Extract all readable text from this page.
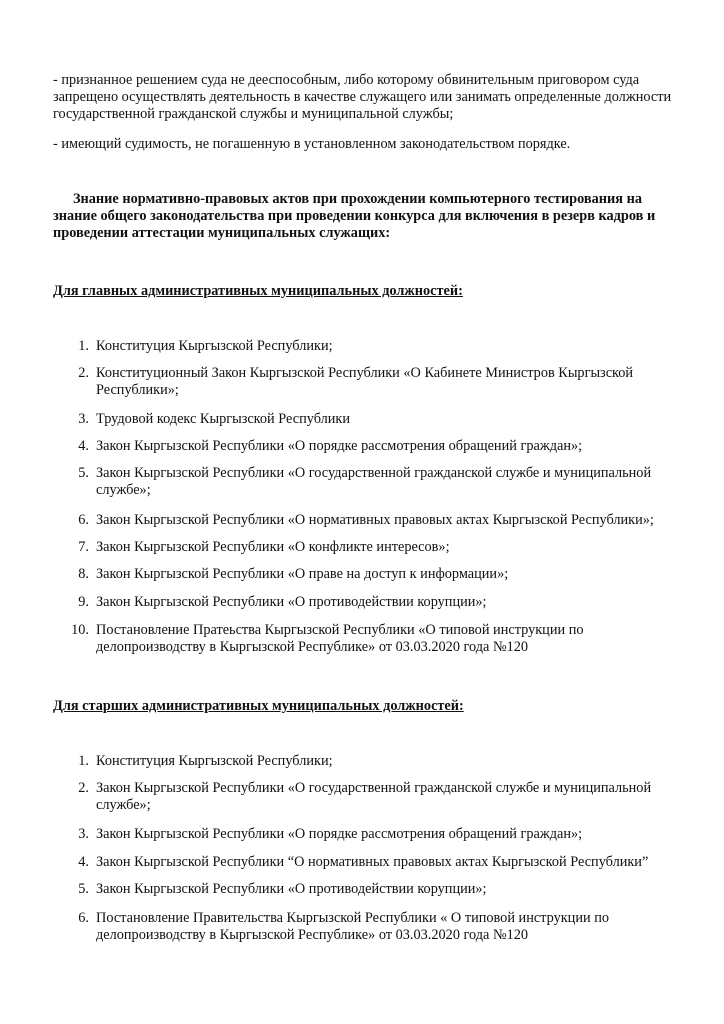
- признанное решением суда не дееспособным, либо которому обвинительным приговором суда запрещено осуществлять деятельность в качестве служащего или занимать определенные должности государственной гражданской службы и муниципальной службы;

- имеющий судимость, не погашенную в установленном законодательством порядке.

Знание нормативно-правовых актов при прохождении компьютерного тестирования на знание общего законодательства при проведении конкурса для включения в резерв кадров и проведении аттестации муниципальных служащих:

Для главных административных муниципальных должностей:

1. Конституция Кыргызской Республики;
2. Конституционный Закон Кыргызской Республики «О Кабинете Министров Кыргызской Республики»;
3. Трудовой кодекс Кыргызской Республики
4. Закон Кыргызской Республики «О порядке рассмотрения обращений граждан»;
5. Закон Кыргызской Республики «О государственной гражданской службе и муниципальной службе»;
6. Закон Кыргызской Республики «О нормативных правовых актах Кыргызской Республики»;
7. Закон Кыргызской Республики «О конфликте интересов»;
8. Закон Кыргызской Республики «О праве на доступ к информации»;
9. Закон Кыргызской Республики «О противодействии корупции»;
10. Постановление Пратеьства Кыргызской Республики «О типовой инструкции по делопроизводству в Кыргызской Республике» от 03.03.2020 года №120

Для старших административных муниципальных должностей:

1. Конституция Кыргызской Республики;
2. Закон Кыргызской Республики «О государственной гражданской службе и муниципальной службе»;
3. Закон Кыргызской Республики «О порядке рассмотрения обращений граждан»;
4. Закон Кыргызской Республики “О нормативных правовых актах Кыргызской Республики”
5. Закон Кыргызской Республики «О противодействии корупции»;
6. Постановление Правительства Кыргызской Республики « О типовой инструкции по делопроизводству в Кыргызской Республике» от 03.03.2020 года №120
